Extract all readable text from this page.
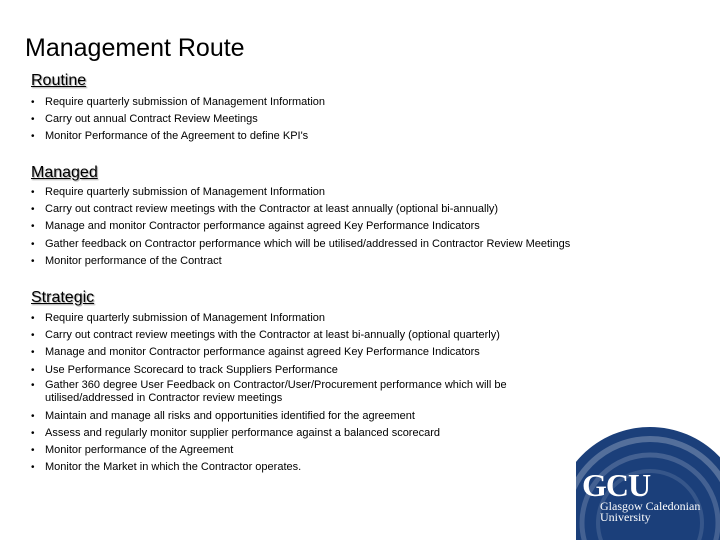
Management Route
Routine
• Require quarterly submission of Management Information
• Carry out annual Contract Review Meetings
• Monitor Performance of the Agreement to define KPI's
Managed
• Require quarterly submission of Management Information
• Carry out contract review meetings with the Contractor at least annually (optional bi-annually)
• Manage and monitor Contractor performance against agreed Key Performance Indicators
• Gather feedback on Contractor performance which will be utilised/addressed in Contractor Review Meetings
• Monitor performance of the Contract
Strategic
• Require quarterly submission of Management Information
• Carry out contract review meetings with the Contractor at least bi-annually (optional quarterly)
• Manage and monitor Contractor performance against agreed Key Performance Indicators
• Use Performance Scorecard to track Suppliers Performance
• Gather 360 degree User Feedback on Contractor/User/Procurement performance which will be utilised/addressed in Contractor review meetings
• Maintain and manage all risks and opportunities identified for the agreement
• Assess and regularly monitor supplier performance against a balanced scorecard
• Monitor performance of the Agreement
• Monitor the Market in which the Contractor operates.	GCU
Glasgow Caledonian
University
